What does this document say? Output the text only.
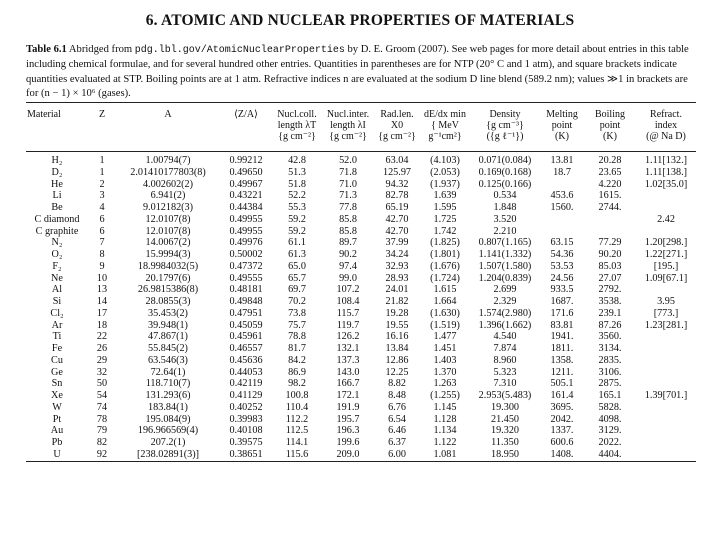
6. ATOMIC AND NUCLEAR PROPERTIES OF MATERIALS
Table 6.1 Abridged from pdg.lbl.gov/AtomicNuclearProperties by D. E. Groom (2007). See web pages for more detail about entries in this table including chemical formulae, and for several hundred other entries. Quantities in parentheses are for NTP (20° C and 1 atm), and square brackets indicate quantities evaluated at STP. Boiling points are at 1 atm. Refractive indices n are evaluated at the sodium D line blend (589.2 nm); values ≫1 in brackets are for (n − 1) × 10⁶ (gases).
Material	Z	A	⟨Z/A⟩	Nucl.coll.
length λT
{g cm⁻²}	Nucl.inter.
length λI
{g cm⁻²}	Rad.len.
X0
{g cm⁻²}	dE/dx min
{ MeV
g⁻¹cm²}	Density
{g cm⁻³}
({g ℓ⁻¹})	Melting
point
(K)	Boiling
point
(K)	Refract.
index
(@ Na D)

H₂	1	1.00794(7)	0.99212	42.8	52.0	63.04	(4.103)	0.071(0.084)	13.81	20.28	1.11[132.]
D₂	1	2.01410177803(8)	0.49650	51.3	71.8	125.97	(2.053)	0.169(0.168)	18.7	23.65	1.11[138.]
He	2	4.002602(2)	0.49967	51.8	71.0	94.32	(1.937)	0.125(0.166)		4.220	1.02[35.0]
Li	3	6.941(2)	0.43221	52.2	71.3	82.78	1.639	0.534	453.6	1615.	
Be	4	9.012182(3)	0.44384	55.3	77.8	65.19	1.595	1.848	1560.	2744.	
C diamond	6	12.0107(8)	0.49955	59.2	85.8	42.70	1.725	3.520			2.42
C graphite	6	12.0107(8)	0.49955	59.2	85.8	42.70	1.742	2.210			
N₂	7	14.0067(2)	0.49976	61.1	89.7	37.99	(1.825)	0.807(1.165)	63.15	77.29	1.20[298.]
O₂	8	15.9994(3)	0.50002	61.3	90.2	34.24	(1.801)	1.141(1.332)	54.36	90.20	1.22[271.]
F₂	9	18.9984032(5)	0.47372	65.0	97.4	32.93	(1.676)	1.507(1.580)	53.53	85.03	[195.]
Ne	10	20.1797(6)	0.49555	65.7	99.0	28.93	(1.724)	1.204(0.839)	24.56	27.07	1.09[67.1]
Al	13	26.9815386(8)	0.48181	69.7	107.2	24.01	1.615	2.699	933.5	2792.	
Si	14	28.0855(3)	0.49848	70.2	108.4	21.82	1.664	2.329	1687.	3538.	3.95
Cl₂	17	35.453(2)	0.47951	73.8	115.7	19.28	(1.630)	1.574(2.980)	171.6	239.1	[773.]
Ar	18	39.948(1)	0.45059	75.7	119.7	19.55	(1.519)	1.396(1.662)	83.81	87.26	1.23[281.]
Ti	22	47.867(1)	0.45961	78.8	126.2	16.16	1.477	4.540	1941.	3560.	
Fe	26	55.845(2)	0.46557	81.7	132.1	13.84	1.451	7.874	1811.	3134.	
Cu	29	63.546(3)	0.45636	84.2	137.3	12.86	1.403	8.960	1358.	2835.	
Ge	32	72.64(1)	0.44053	86.9	143.0	12.25	1.370	5.323	1211.	3106.	
Sn	50	118.710(7)	0.42119	98.2	166.7	8.82	1.263	7.310	505.1	2875.	
Xe	54	131.293(6)	0.41129	100.8	172.1	8.48	(1.255)	2.953(5.483)	161.4	165.1	1.39[701.]
W	74	183.84(1)	0.40252	110.4	191.9	6.76	1.145	19.300	3695.	5828.	
Pt	78	195.084(9)	0.39983	112.2	195.7	6.54	1.128	21.450	2042.	4098.	
Au	79	196.966569(4)	0.40108	112.5	196.3	6.46	1.134	19.320	1337.	3129.	
Pb	82	207.2(1)	0.39575	114.1	199.6	6.37	1.122	11.350	600.6	2022.	
U	92	[238.02891(3)]	0.38651	115.6	209.0	6.00	1.081	18.950	1408.	4404.	
